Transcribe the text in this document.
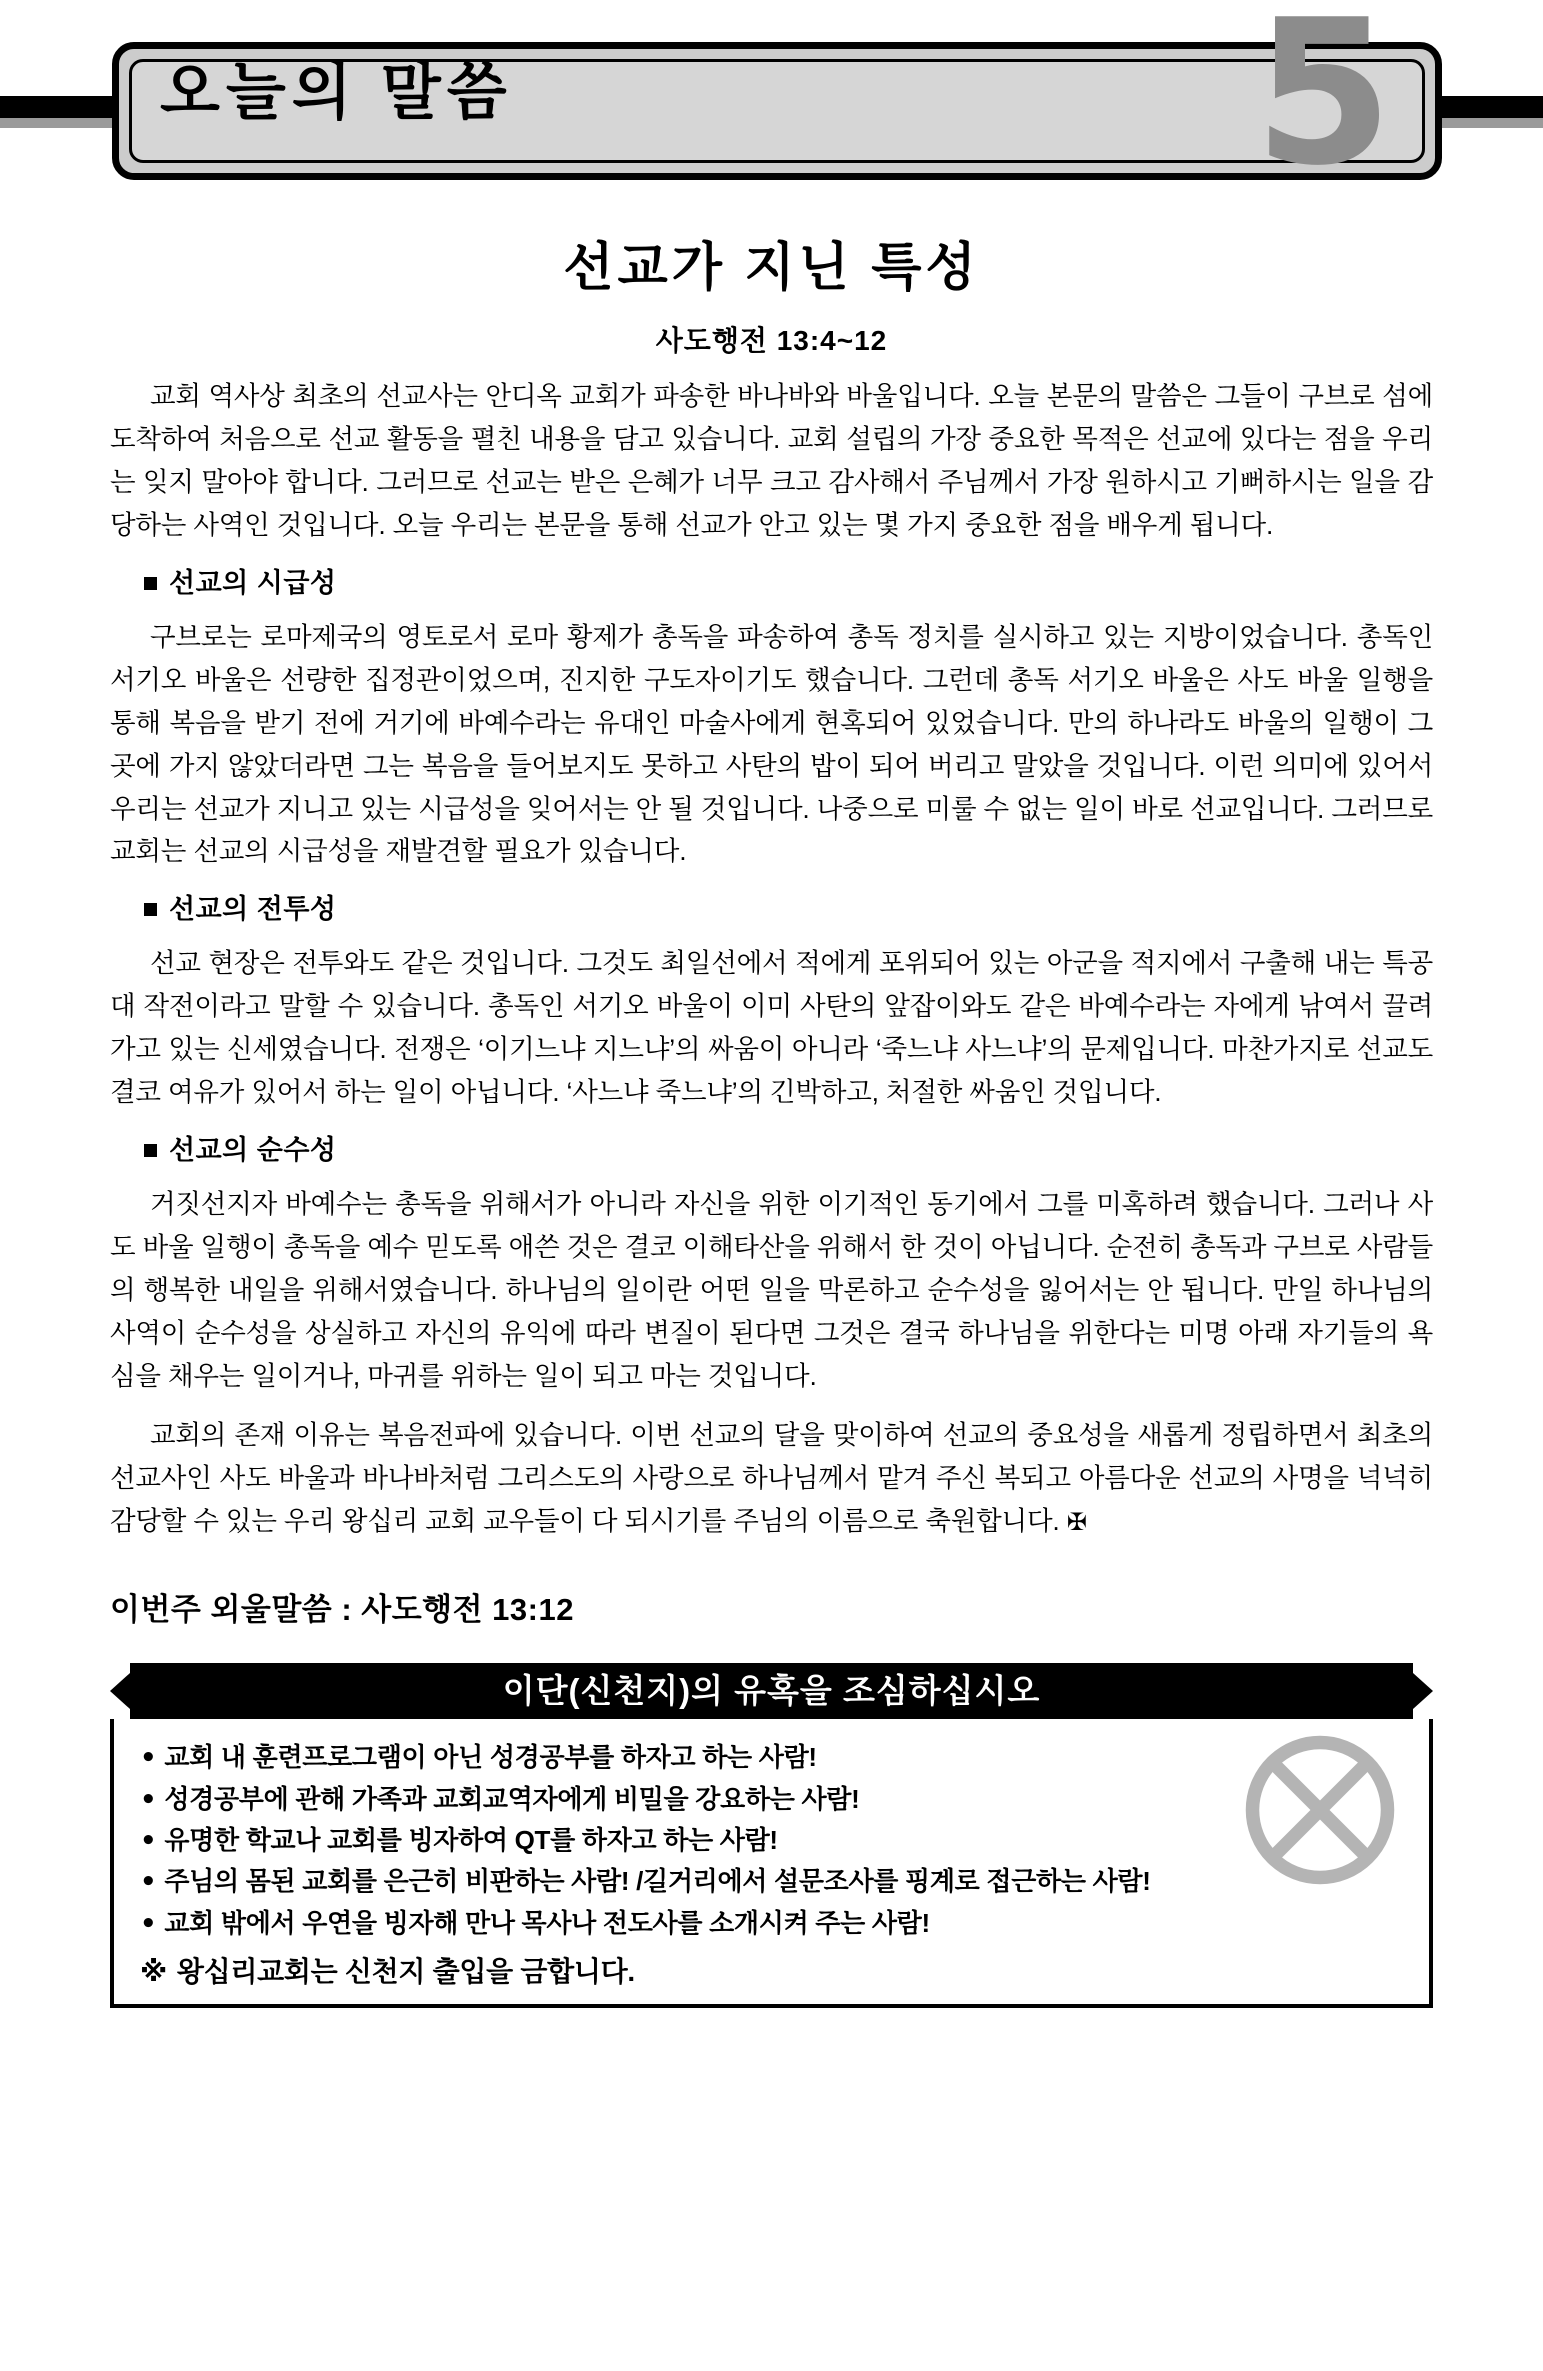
5
오늘의 말씀
선교가 지닌 특성
사도행전 13:4~12

교회 역사상 최초의 선교사는 안디옥 교회가 파송한 바나바와 바울입니다. 오늘 본문의 말씀은 그들이 구브로 섬에 도착하여 처음으로 선교 활동을 펼친 내용을 담고 있습니다. 교회 설립의 가장 중요한 목적은 선교에 있다는 점을 우리는 잊지 말아야 합니다. 그러므로 선교는 받은 은혜가 너무 크고 감사해서 주님께서 가장 원하시고 기뻐하시는 일을 감당하는 사역인 것입니다. 오늘 우리는 본문을 통해 선교가 안고 있는 몇 가지 중요한 점을 배우게 됩니다.

선교의 시급성

구브로는 로마제국의 영토로서 로마 황제가 총독을 파송하여 총독 정치를 실시하고 있는 지방이었습니다. 총독인 서기오 바울은 선량한 집정관이었으며, 진지한 구도자이기도 했습니다. 그런데 총독 서기오 바울은 사도 바울 일행을 통해 복음을 받기 전에 거기에 바예수라는 유대인 마술사에게 현혹되어 있었습니다. 만의 하나라도 바울의 일행이 그곳에 가지 않았더라면 그는 복음을 들어보지도 못하고 사탄의 밥이 되어 버리고 말았을 것입니다. 이런 의미에 있어서 우리는 선교가 지니고 있는 시급성을 잊어서는 안 될 것입니다. 나중으로 미룰 수 없는 일이 바로 선교입니다. 그러므로 교회는 선교의 시급성을 재발견할 필요가 있습니다.

선교의 전투성

선교 현장은 전투와도 같은 것입니다. 그것도 최일선에서 적에게 포위되어 있는 아군을 적지에서 구출해 내는 특공대 작전이라고 말할 수 있습니다. 총독인 서기오 바울이 이미 사탄의 앞잡이와도 같은 바예수라는 자에게 낚여서 끌려가고 있는 신세였습니다. 전쟁은 ‘이기느냐 지느냐’의 싸움이 아니라 ‘죽느냐 사느냐’의 문제입니다. 마찬가지로 선교도 결코 여유가 있어서 하는 일이 아닙니다. ‘사느냐 죽느냐’의 긴박하고, 처절한 싸움인 것입니다.

선교의 순수성

거짓선지자 바예수는 총독을 위해서가 아니라 자신을 위한 이기적인 동기에서 그를 미혹하려 했습니다. 그러나 사도 바울 일행이 총독을 예수 믿도록 애쓴 것은 결코 이해타산을 위해서 한 것이 아닙니다. 순전히 총독과 구브로 사람들의 행복한 내일을 위해서였습니다. 하나님의 일이란 어떤 일을 막론하고 순수성을 잃어서는 안 됩니다. 만일 하나님의 사역이 순수성을 상실하고 자신의 유익에 따라 변질이 된다면 그것은 결국 하나님을 위한다는 미명 아래 자기들의 욕심을 채우는 일이거나, 마귀를 위하는 일이 되고 마는 것입니다.

교회의 존재 이유는 복음전파에 있습니다. 이번 선교의 달을 맞이하여 선교의 중요성을 새롭게 정립하면서 최초의 선교사인 사도 바울과 바나바처럼 그리스도의 사랑으로 하나님께서 맡겨 주신 복되고 아름다운 선교의 사명을 넉넉히 감당할 수 있는 우리 왕십리 교회 교우들이 다 되시기를 주님의 이름으로 축원합니다. ✠

이번주 외울말씀 : 사도행전 13:12
이단(신천지)의 유혹을 조심하십시오
• 교회 내 훈련프로그램이 아닌 성경공부를 하자고 하는 사람!
• 성경공부에 관해 가족과 교회교역자에게 비밀을 강요하는 사람!
• 유명한 학교나 교회를 빙자하여 QT를 하자고 하는 사람!
• 주님의 몸된 교회를 은근히 비판하는 사람! /길거리에서 설문조사를 핑계로 접근하는 사람!
• 교회 밖에서 우연을 빙자해 만나 목사나 전도사를 소개시켜 주는 사람!
※ 왕십리교회는 신천지 출입을 금합니다.
